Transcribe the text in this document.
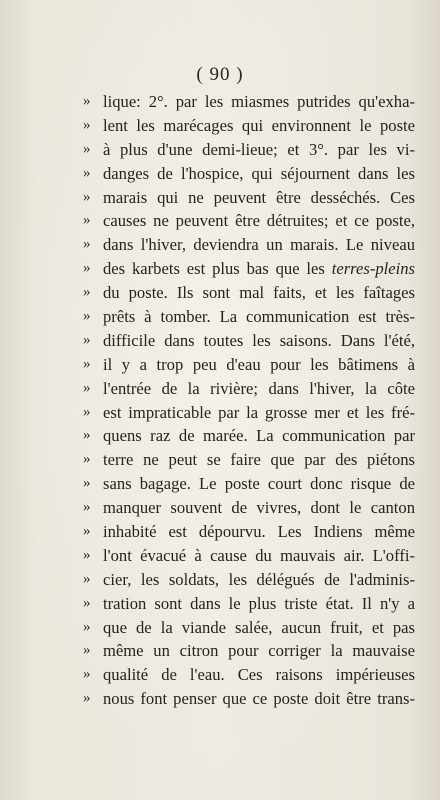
( 90 )
» lique: 2°. par les miasmes putrides qu'exha-
» lent les marécages qui environnent le poste
» à plus d'une demi-lieue; et 3°. par les vi-
» danges de l'hospice, qui séjournent dans les
» marais qui ne peuvent être desséchés. Ces
» causes ne peuvent être détruites; et ce poste,
» dans l'hiver, deviendra un marais. Le niveau
» des karbets est plus bas que les terres-pleins
» du poste. Ils sont mal faits, et les faîtages
» prêts à tomber. La communication est très-
» difficile dans toutes les saisons. Dans l'été,
» il y a trop peu d'eau pour les bâtimens à
» l'entrée de la rivière; dans l'hiver, la côte
» est impraticable par la grosse mer et les fré-
» quens raz de marée. La communication par
» terre ne peut se faire que par des piétons
» sans bagage. Le poste court donc risque de
» manquer souvent de vivres, dont le canton
» inhabité est dépourvu. Les Indiens même
» l'ont évacué à cause du mauvais air. L'offi-
» cier, les soldats, les délégués de l'adminis-
» tration sont dans le plus triste état. Il n'y a
» que de la viande salée, aucun fruit, et pas
» même un citron pour corriger la mauvaise
» qualité de l'eau. Ces raisons impérieuses
» nous font penser que ce poste doit être trans-
